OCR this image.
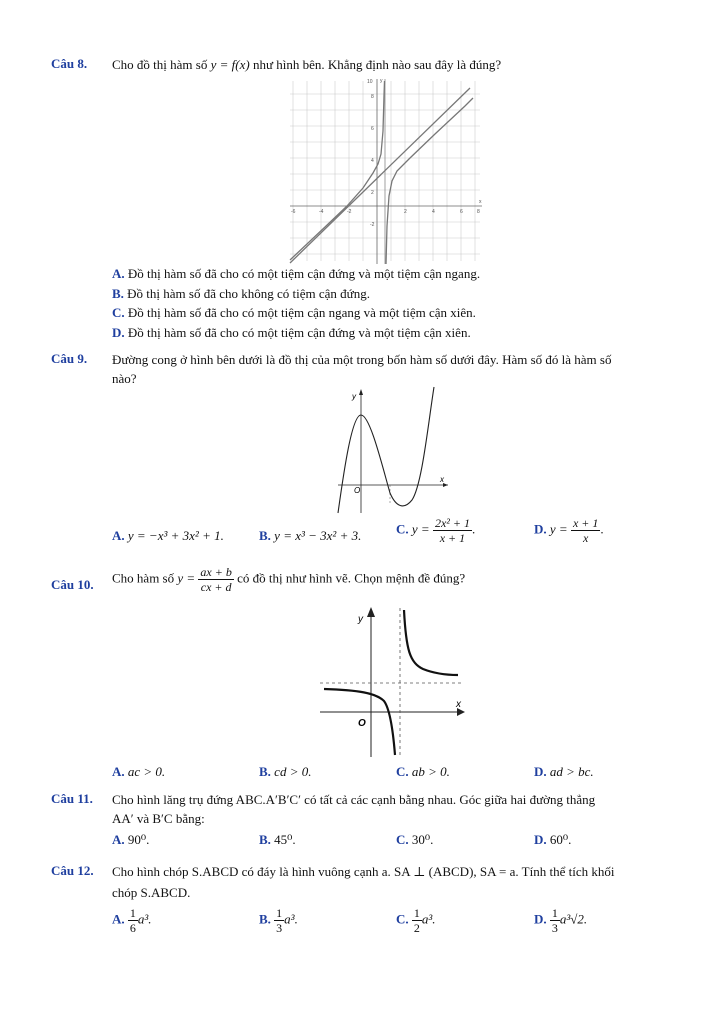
Câu 8. Cho đồ thị hàm số y = f(x) như hình bên. Khẳng định nào sau đây là đúng?
-6	-4	-2	2	4	6	8
10
8
6
4
2
-2
x
y
A. Đồ thị hàm số đã cho có một tiệm cận đứng và một tiệm cận ngang.
B. Đồ thị hàm số đã cho không có tiệm cận đứng.
C. Đồ thị hàm số đã cho có một tiệm cận ngang và một tiệm cận xiên.
D. Đồ thị hàm số đã cho có một tiệm cận đứng và một tiệm cận xiên.
Câu 9. Đường cong ở hình bên dưới là đồ thị của một trong bốn hàm số dưới đây. Hàm số đó là hàm số
nào?
y
x
O
A. y = −x³ + 3x² + 1.	B. y = x³ − 3x² + 3.	C. $y = \frac{\text{2x² + 1}}{x + 1}$ .	D. $y = \frac{x + 1}{x}$ .
Câu 10. Cho hàm số $y = \frac{ax + b}{cx + d}$ có đồ thị như hình vẽ. Chọn mệnh đề đúng?
y
x
O
A. ac > 0.	B. cd > 0.	C. ab > 0.	D. ad > bc.
Câu 11. Cho hình lăng trụ đứng ABC.A′B′C′ có tất cả các cạnh bằng nhau. Góc giữa hai đường thẳng
AA′ và B′C bằng:
A. 90⁰.	B. 45⁰.	C. 30⁰.	D. 60⁰.
Câu 12. Cho hình chóp S.ABCD có đáy là hình vuông cạnh a. SA ⊥ (ABCD), SA = a. Tính thể tích khối
chóp S.ABCD.
A. $\frac{1}{6} a^3$.	B. $\frac{1}{3} a^3$.	C. $\frac{1}{2} a^3$.	D. $\frac{1}{3} a^3√2$.
